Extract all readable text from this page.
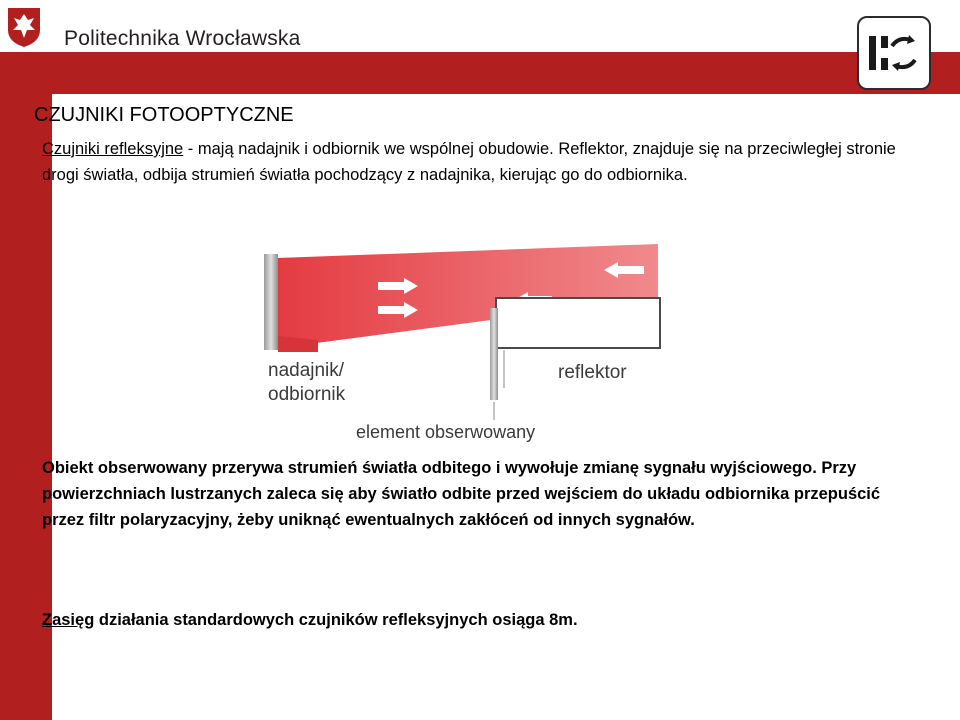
Politechnika Wrocławska
CZUJNIKI FOTOOPTYCZNE
Czujniki refleksyjne - mają nadajnik i odbiornik we wspólnej obudowie. Reflektor, znajduje się na przeciwległej stronie drogi światła, odbija strumień światła pochodzący z nadajnika, kierując go do odbiornika.
nadajnik/
odbiornik
reflektor
element obserwowany
Obiekt obserwowany przerywa strumień światła odbitego i wywołuje zmianę sygnału wyjściowego. Przy powierzchniach lustrzanych zaleca się aby światło odbite przed wejściem do układu odbiornika przepuścić przez filtr polaryzacyjny, żeby uniknąć ewentualnych zakłóceń od innych sygnałów.
Zasięg działania standardowych czujników refleksyjnych osiąga 8m.
